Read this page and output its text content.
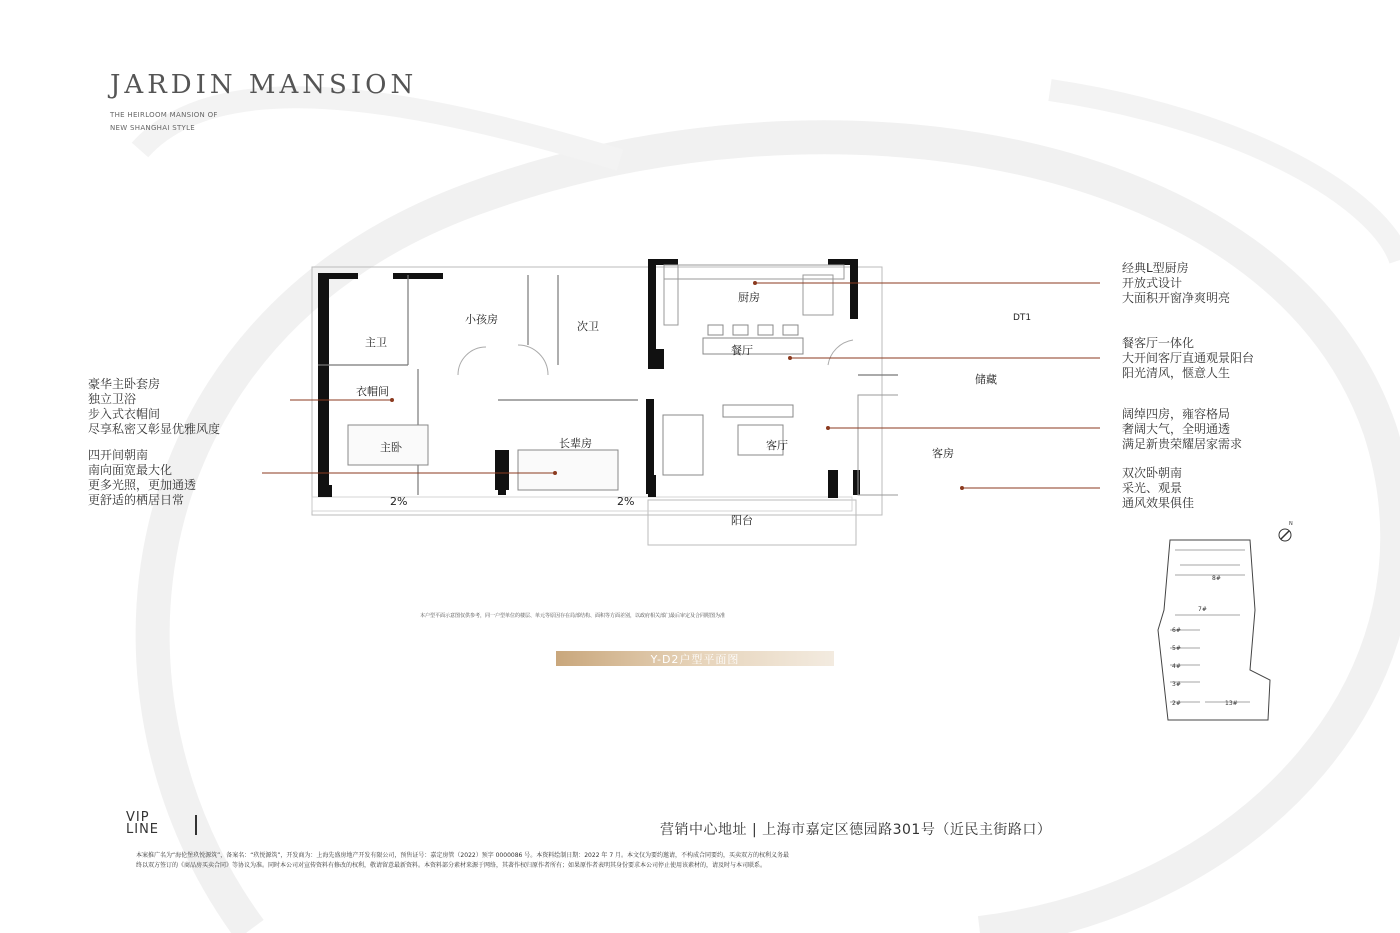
JARDIN MANSION
THE HEIRLOOM MANSION OF
NEW SHANGHAI STYLE
厨房
小孩房
次卫
主卫
餐厅
衣帽间
储藏
主卧	长辈房	客厅
客房
阳台
DT1
2%	2%
豪华主卧套房
独立卫浴
步入式衣帽间
尽享私密又彰显优雅风度
四开间朝南
南向面宽最大化
更多光照，更加通透
更舒适的栖居日常
经典L型厨房
开放式设计
大面积开窗净爽明亮
餐客厅一体化
大开间客厅直通观景阳台
阳光清风，惬意人生
阔绰四房，雍容格局
奢阔大气，全明通透
满足新贵荣耀居家需求
双次卧朝南
采光、观景
通风效果俱佳
8#
7#
6#
5#
4#
3#
2#	13#
N
本户型平面示意图仅供参考，同一户型单位的楼层、单元等原因存在局部结构、面积等方面差别，以政府相关部门最后审定及合同附图为准
Y-D2户型平面图
VIP
LINE	营销中心地址 | 上海市嘉定区德园路301号（近民主街路口）
本案推广名为“海伦堡玖悦源筑”，备案名：“玖悦源筑”，开发商为：上海先盛房地产开发有限公司，预售证号：嘉定房管（2022）预字 0000086 号。本资料绘制日期：2022 年 7 月。本文仅为要约邀请，不构成合同要约，买卖双方的权利义务最
终以双方签订的《商品房买卖合同》等协议为准。同时本公司对宣传资料有修改的权利，敬请留意最新资料。本资料部分素材来源于网络，其著作权归原作者所有；如果原作者表明其身份要求本公司停止使用该素材的，请及时与本司联系。
